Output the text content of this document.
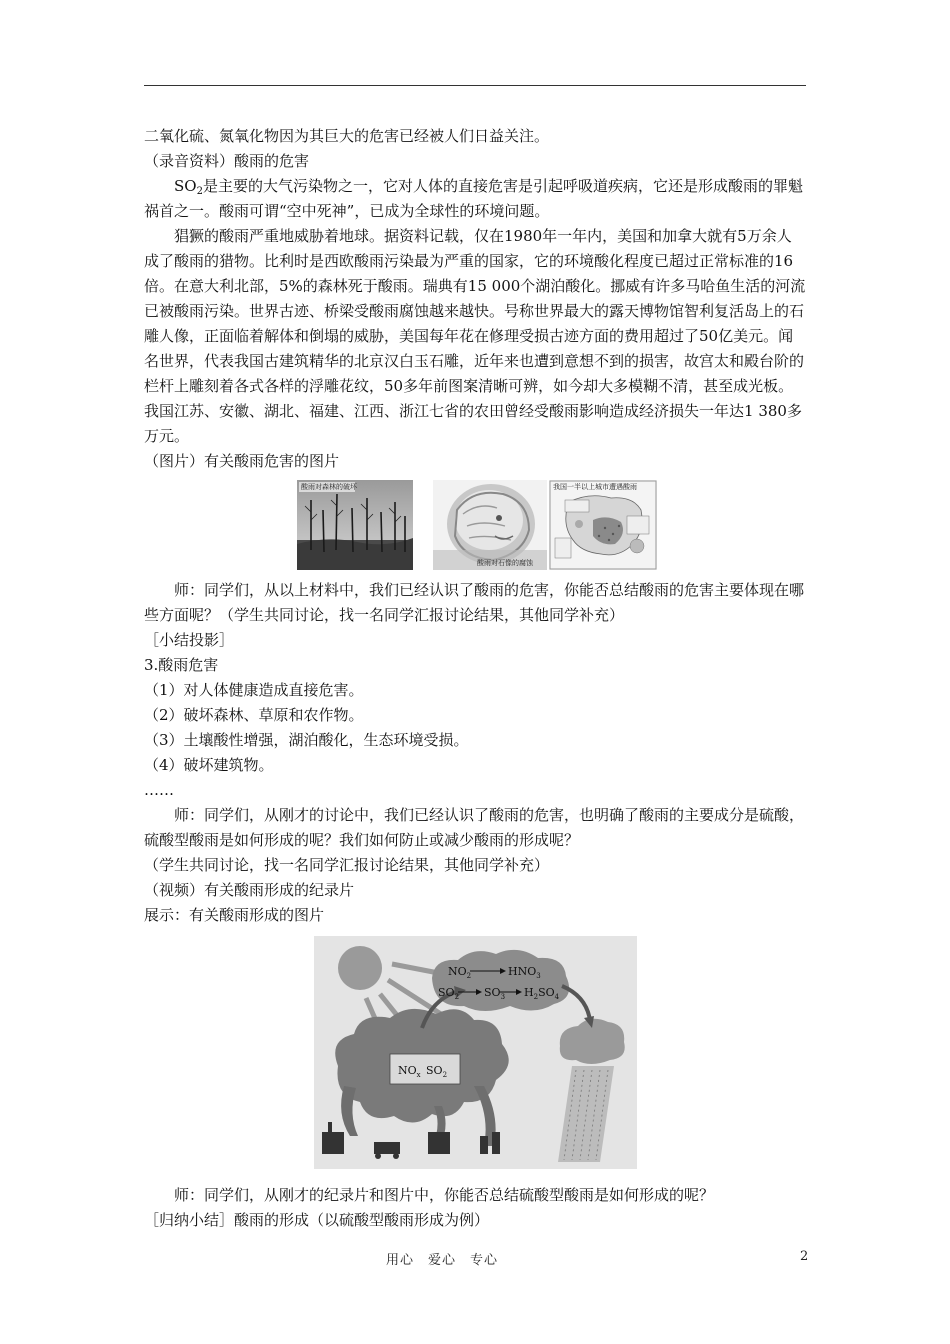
二氧化硫、氮氧化物因为其巨大的危害已经被人们日益关注。

（录音资料）酸雨的危害

$SO_2$是主要的大气污染物之一，它对人体的直接危害是引起呼吸道疾病，它还是形成酸雨的罪魁祸首之一。酸雨可谓“空中死神”，已成为全球性的环境问题。

猖獗的酸雨严重地威胁着地球。据资料记载，仅在1980年一年内，美国和加拿大就有5万余人成了酸雨的猎物。比利时是西欧酸雨污染最为严重的国家，它的环境酸化程度已超过正常标准的16倍。在意大利北部，5%的森林死于酸雨。瑞典有15 000个湖泊酸化。挪威有许多马哈鱼生活的河流已被酸雨污染。世界古迹、桥梁受酸雨腐蚀越来越快。号称世界最大的露天博物馆智利复活岛上的石雕人像，正面临着解体和倒塌的威胁，美国每年花在修理受损古迹方面的费用超过了50亿美元。闻名世界，代表我国古建筑精华的北京汉白玉石雕，近年来也遭到意想不到的损害，故宫太和殿台阶的栏杆上雕刻着各式各样的浮雕花纹，50多年前图案清晰可辨，如今却大多模糊不清，甚至成光板。我国江苏、安徽、湖北、福建、江西、浙江七省的农田曾经受酸雨影响造成经济损失一年达1 380多万元。

（图片）有关酸雨危害的图片

酸雨对森林的破坏
酸雨对石像的腐蚀
我国一半以上城市遭遇酸雨

师：同学们，从以上材料中，我们已经认识了酸雨的危害，你能否总结酸雨的危害主要体现在哪些方面呢？（学生共同讨论，找一名同学汇报讨论结果，其他同学补充）

［小结投影］

3.酸雨危害

（1）对人体健康造成直接危害。

（2）破坏森林、草原和农作物。

（3）土壤酸性增强，湖泊酸化，生态环境受损。

（4）破坏建筑物。

……

师：同学们，从刚才的讨论中，我们已经认识了酸雨的危害，也明确了酸雨的主要成分是硫酸，硫酸型酸雨是如何形成的呢？我们如何防止或减少酸雨的形成呢？

（学生共同讨论，找一名同学汇报讨论结果，其他同学补充）

（视频）有关酸雨形成的纪录片

展示：有关酸雨形成的图片

$NO_2$	$HNO_3$
$SO_2$ $SO_3$ $H_2SO_4$
$NO_x$ $SO_2$

师：同学们，从刚才的纪录片和图片中，你能否总结硫酸型酸雨是如何形成的呢？

［归纳小结］酸雨的形成（以硫酸型酸雨形成为例）

用心　爱心　专心	2
